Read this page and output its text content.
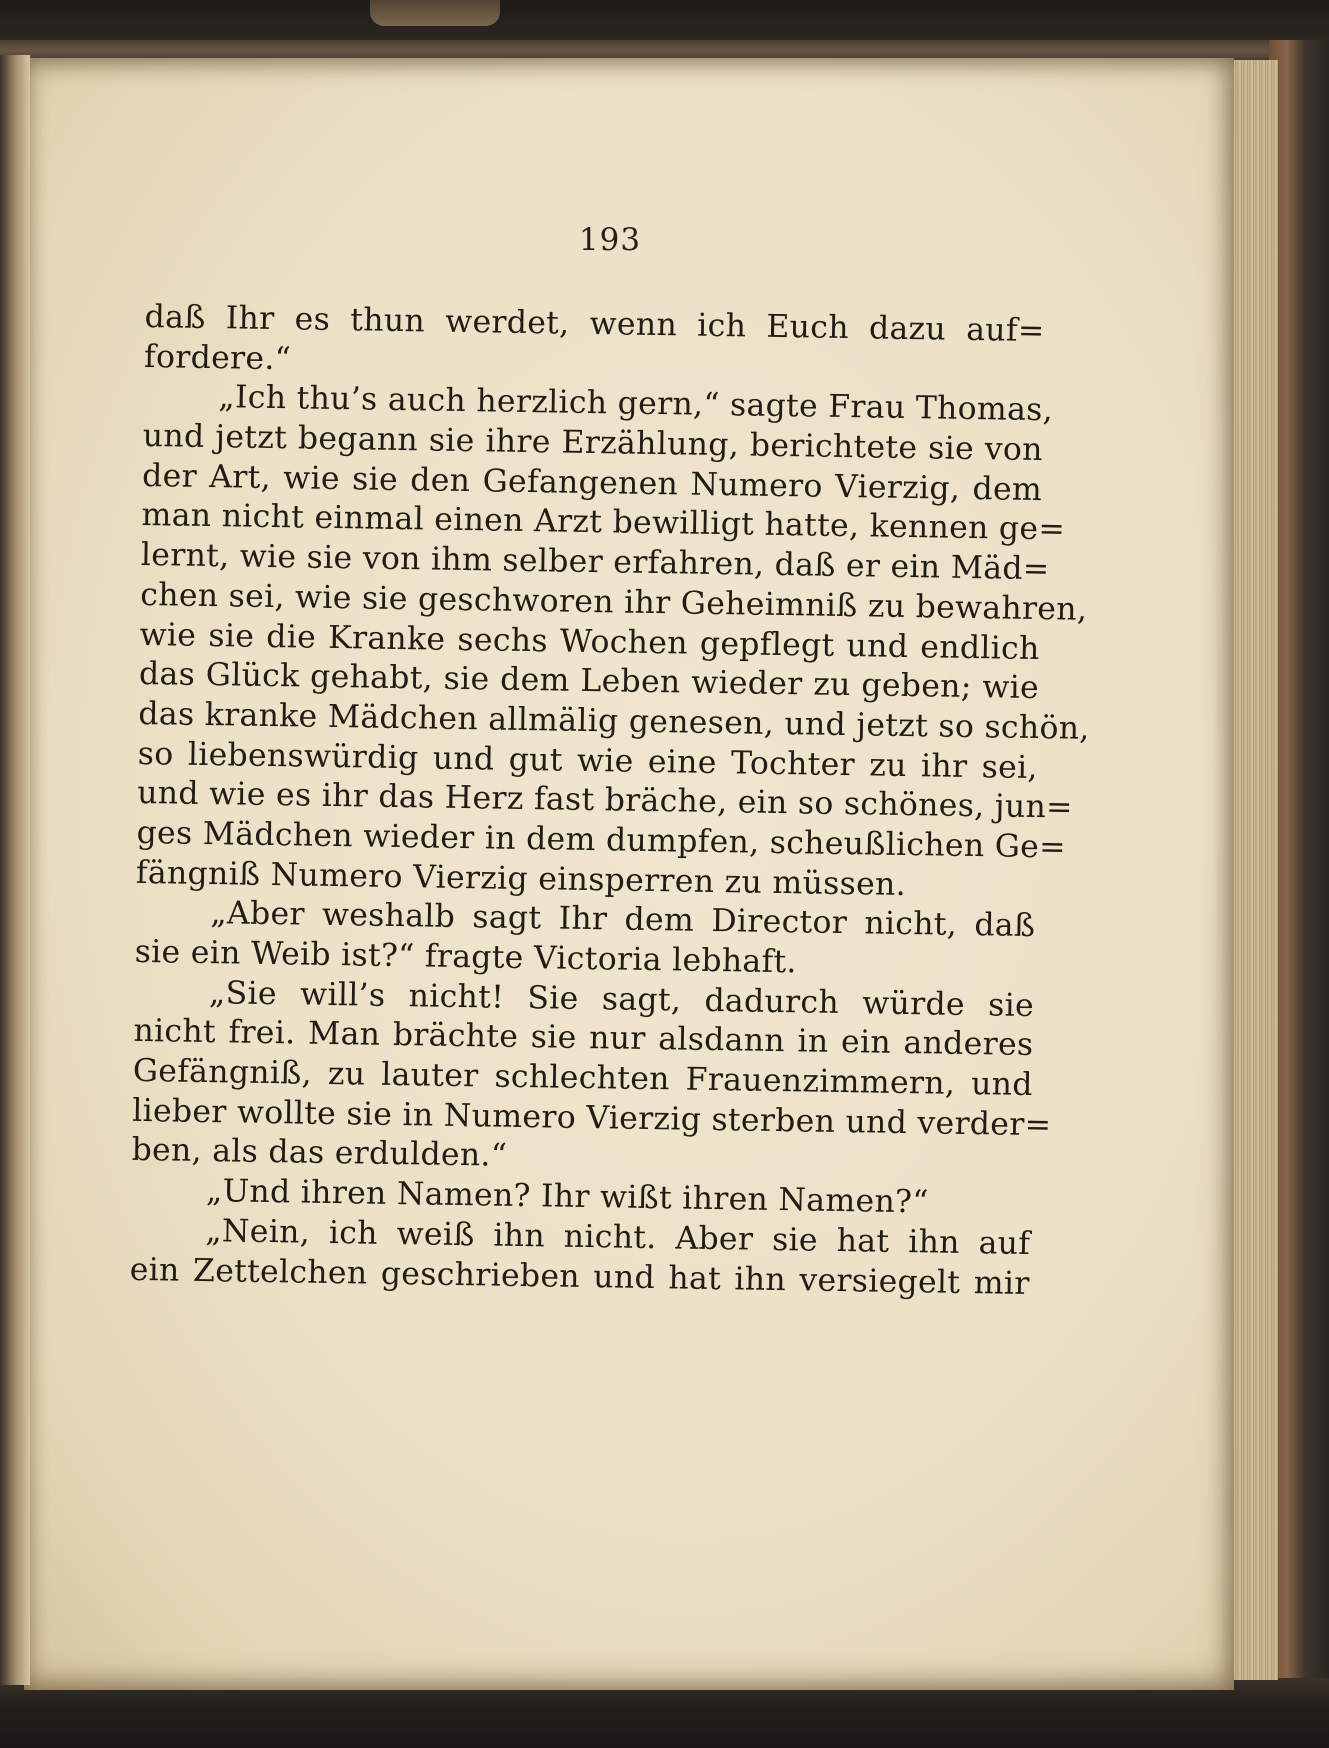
193
daß Ihr es thun werdet, wenn ich Euch dazu auf=
fordere.“
„Ich thu’s auch herzlich gern,“ sagte Frau Thomas,
und jetzt begann sie ihre Erzählung, berichtete sie von
der Art, wie sie den Gefangenen Numero Vierzig, dem
man nicht einmal einen Arzt bewilligt hatte, kennen ge=
lernt, wie sie von ihm selber erfahren, daß er ein Mäd=
chen sei, wie sie geschworen ihr Geheimniß zu bewahren,
wie sie die Kranke sechs Wochen gepflegt und endlich
das Glück gehabt, sie dem Leben wieder zu geben; wie
das kranke Mädchen allmälig genesen, und jetzt so schön,
so liebenswürdig und gut wie eine Tochter zu ihr sei,
und wie es ihr das Herz fast bräche, ein so schönes, jun=
ges Mädchen wieder in dem dumpfen, scheußlichen Ge=
fängniß Numero Vierzig einsperren zu müssen.
„Aber weshalb sagt Ihr dem Director nicht, daß
sie ein Weib ist?“ fragte Victoria lebhaft.
„Sie will’s nicht! Sie sagt, dadurch würde sie
nicht frei. Man brächte sie nur alsdann in ein anderes
Gefängniß, zu lauter schlechten Frauenzimmern, und
lieber wollte sie in Numero Vierzig sterben und verder=
ben, als das erdulden.“
„Und ihren Namen? Ihr wißt ihren Namen?“
„Nein, ich weiß ihn nicht. Aber sie hat ihn auf
ein Zettelchen geschrieben und hat ihn versiegelt mir
